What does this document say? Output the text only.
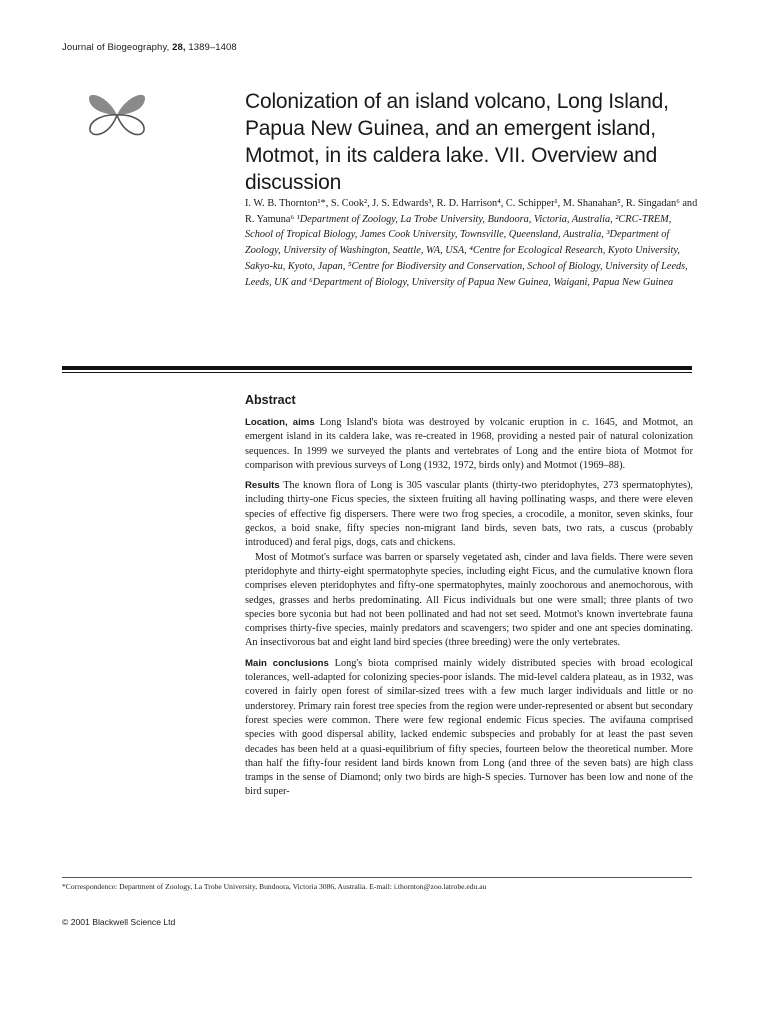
Journal of Biogeography, 28, 1389–1408
Colonization of an island volcano, Long Island, Papua New Guinea, and an emergent island, Motmot, in its caldera lake. VII. Overview and discussion
I. W. B. Thornton¹*, S. Cook², J. S. Edwards³, R. D. Harrison⁴, C. Schipper¹, M. Shanahan⁵, R. Singadan⁶ and R. Yamuna⁶ ¹Department of Zoology, La Trobe University, Bundoora, Victoria, Australia, ²CRC-TREM, School of Tropical Biology, James Cook University, Townsville, Queensland, Australia, ³Department of Zoology, University of Washington, Seattle, WA, USA, ⁴Centre for Ecological Research, Kyoto University, Sakyo-ku, Kyoto, Japan, ⁵Centre for Biodiversity and Conservation, School of Biology, University of Leeds, Leeds, UK and ⁶Department of Biology, University of Papua New Guinea, Waigani, Papua New Guinea
Abstract

Location, aims Long Island's biota was destroyed by volcanic eruption in c. 1645, and Motmot, an emergent island in its caldera lake, was re-created in 1968, providing a nested pair of natural colonization sequences. In 1999 we surveyed the plants and vertebrates of Long and the entire biota of Motmot for comparison with previous surveys of Long (1932, 1972, birds only) and Motmot (1969–88).

Results The known flora of Long is 305 vascular plants (thirty-two pteridophytes, 273 spermatophytes), including thirty-one Ficus species, the sixteen fruiting all having pollinating wasps, and there were eleven species of effective fig dispersers. There were two frog species, a crocodile, a monitor, seven skinks, four geckos, a boid snake, fifty species non-migrant land birds, seven bats, two rats, a cuscus (probably introduced) and feral pigs, dogs, cats and chickens.

Most of Motmot's surface was barren or sparsely vegetated ash, cinder and lava fields. There were seven pteridophyte and thirty-eight spermatophyte species, including eight Ficus, and the cumulative known flora comprises eleven pteridophytes and fifty-one spermatophytes, mainly zoochorous and anemochorous, with sedges, grasses and herbs predominating. All Ficus individuals but one were small; three plants of two species bore syconia but had not been pollinated and had not set seed. Motmot's known invertebrate fauna comprises thirty-five species, mainly predators and scavengers; two spider and one ant species dominating. An insectivorous bat and eight land bird species (three breeding) were the only vertebrates.

Main conclusions Long's biota comprised mainly widely distributed species with broad ecological tolerances, well-adapted for colonizing species-poor islands. The mid-level caldera plateau, as in 1932, was covered in fairly open forest of similar-sized trees with a few much larger individuals and little or no understorey. Primary rain forest tree species from the region were under-represented or absent but secondary forest species were common. There were few regional endemic Ficus species. The avifauna comprised species with good dispersal ability, lacked endemic subspecies and probably for at least the past seven decades has been held at a quasi-equilibrium of fifty species, fourteen below the theoretical number. More than half the fifty-four resident land birds known from Long (and three of the seven bats) are high class tramps in the sense of Diamond; only two birds are high-S species. Turnover has been low and none of the bird super-

*Correspondence: Department of Zoology, La Trobe University, Bundoora, Victoria 3086, Australia. E-mail: i.thornton@zoo.latrobe.edu.au

© 2001 Blackwell Science Ltd
